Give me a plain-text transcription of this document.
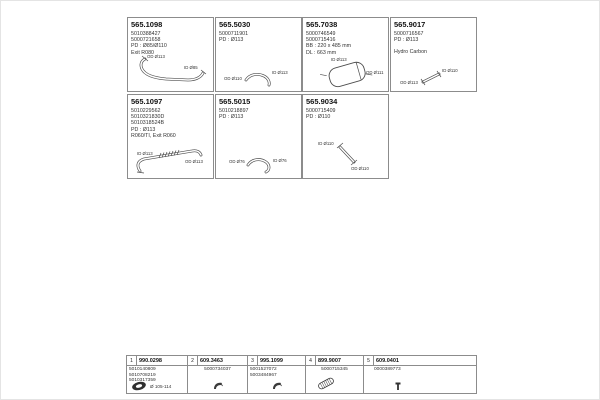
565.1098
5010388427
5000721658
PD : Ø85/Ø110
Exit R080
OD Ø113
ID Ø85
565.5030
5000711901
PD : Ø113
OD Ø110
ID Ø113
565.7038
5000746549
5000715416
BB : 220 x 485 mm
DL : 663 mm
ID Ø113
OD Ø111
565.9017
5000716567
PD : Ø113
Hydro Carbon
OD Ø113
ID Ø110
565.1097
5010229562
5010321830D
5010318524B
PD : Ø113
R060/TI, Exit R060
ID Ø113
OD Ø113
565.5015
5010218897
PD : Ø113
OD Ø76	ID Ø76
565.9034
5000715409
PD : Ø110
ID Ø110
OD Ø110
1	990.0298
5010140809
5010708219
5010317359
Ø 105-114
2	609.3463
5000734037
3	995.1099
5001527072
5003484967
4	899.9007
5000715345
5	609.0401
0000389773
